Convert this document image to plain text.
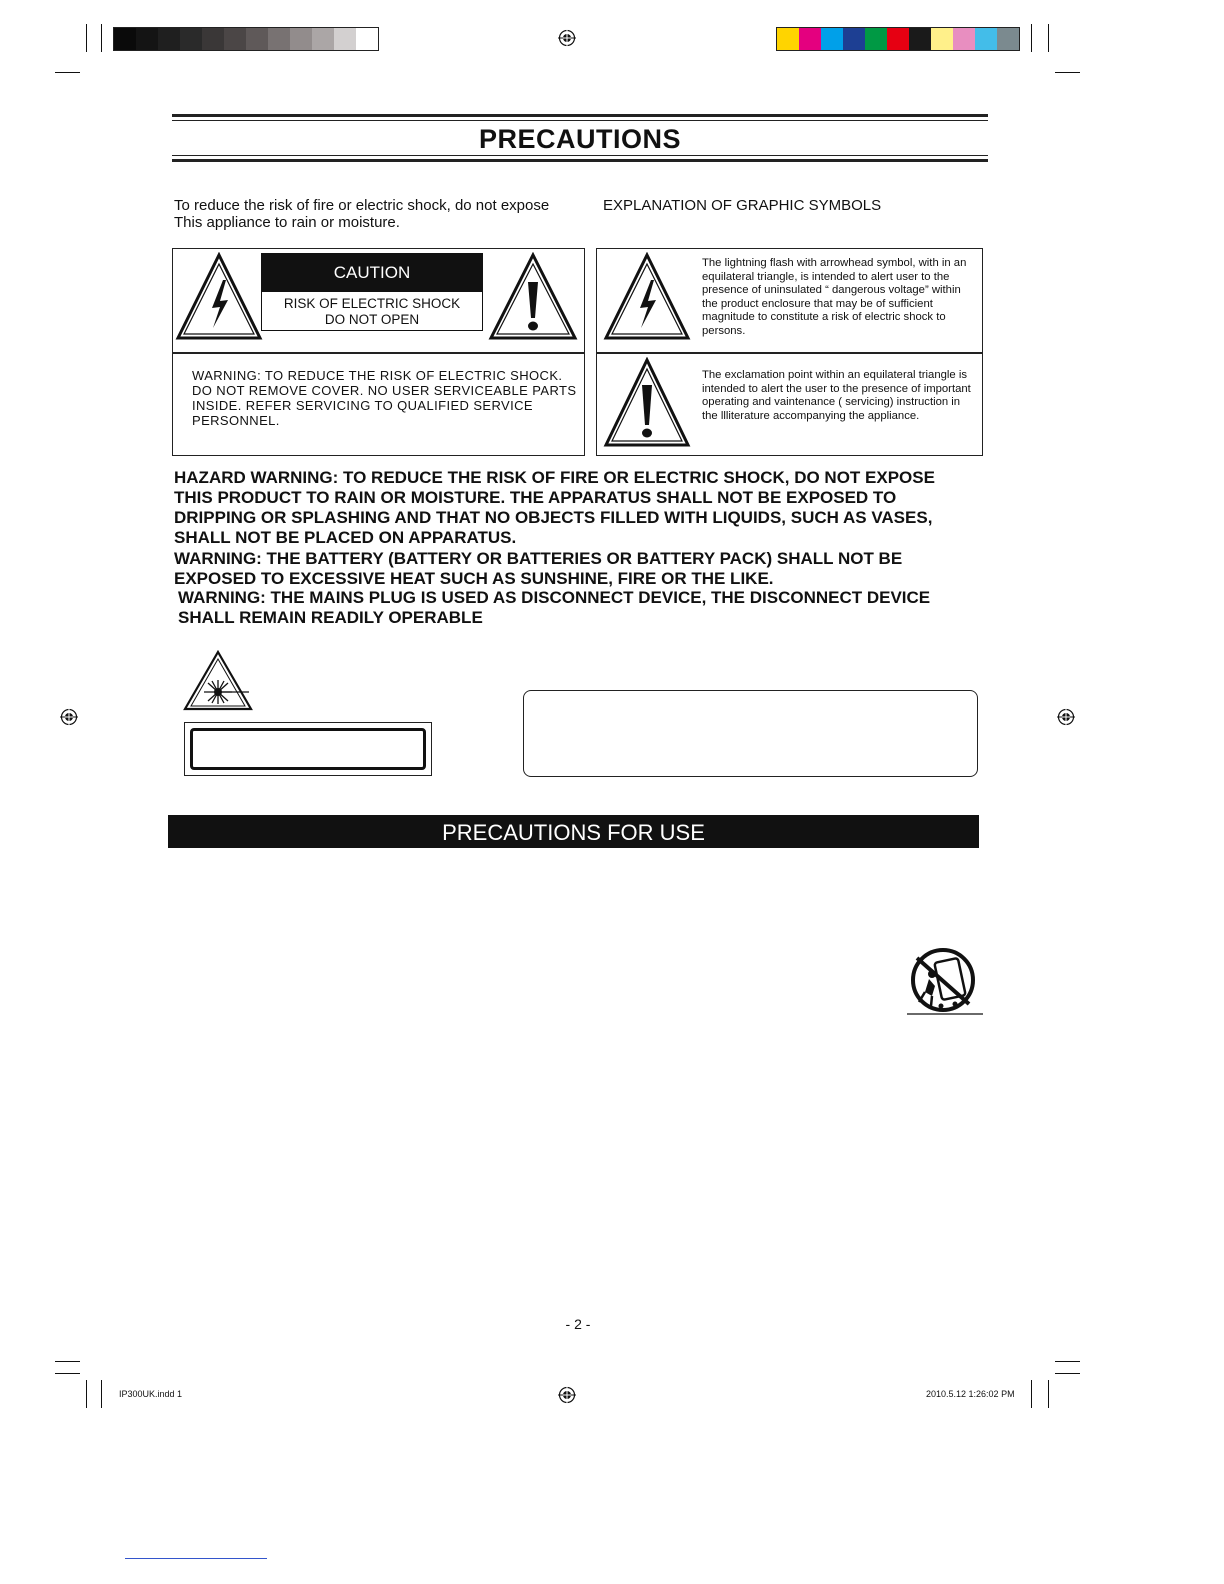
PRECAUTIONS
To reduce the risk of fire or electric shock, do not expose
This appliance to rain or moisture.
EXPLANATION OF GRAPHIC SYMBOLS
CAUTION
RISK OF ELECTRIC SHOCK
DO NOT OPEN
WARNING: TO REDUCE THE RISK OF ELECTRIC SHOCK. DO NOT REMOVE COVER. NO USER SERVICEABLE PARTS INSIDE. REFER SERVICING TO QUALIFIED SERVICE PERSONNEL.
The lightning flash with arrowhead symbol, with in an equilateral triangle, is intended to alert user to the presence of uninsulated “ dangerous voltage” within the product enclosure that may be of sufficient magnitude to constitute a risk of electric shock to persons.
The exclamation point within an equilateral triangle is intended to alert the user to the presence of important operating and vaintenance ( servicing) instruction in the llliterature accompanying the appliance.
HAZARD WARNING: TO REDUCE THE RISK OF FIRE OR ELECTRIC SHOCK, DO NOT EXPOSE THIS PRODUCT TO RAIN OR MOISTURE. THE APPARATUS SHALL NOT BE EXPOSED TO DRIPPING OR SPLASHING AND THAT NO OBJECTS FILLED WITH LIQUIDS, SUCH AS VASES, SHALL NOT BE PLACED ON APPARATUS.
WARNING: THE BATTERY (BATTERY OR BATTERIES OR BATTERY PACK) SHALL NOT BE EXPOSED TO EXCESSIVE HEAT SUCH AS SUNSHINE, FIRE OR THE LIKE.
WARNING: THE MAINS PLUG IS USED AS DISCONNECT DEVICE, THE DISCONNECT DEVICE SHALL REMAIN READILY OPERABLE
PRECAUTIONS FOR USE
- 2 -
IP300UK.indd 1	2010.5.12 1:26:02 PM
